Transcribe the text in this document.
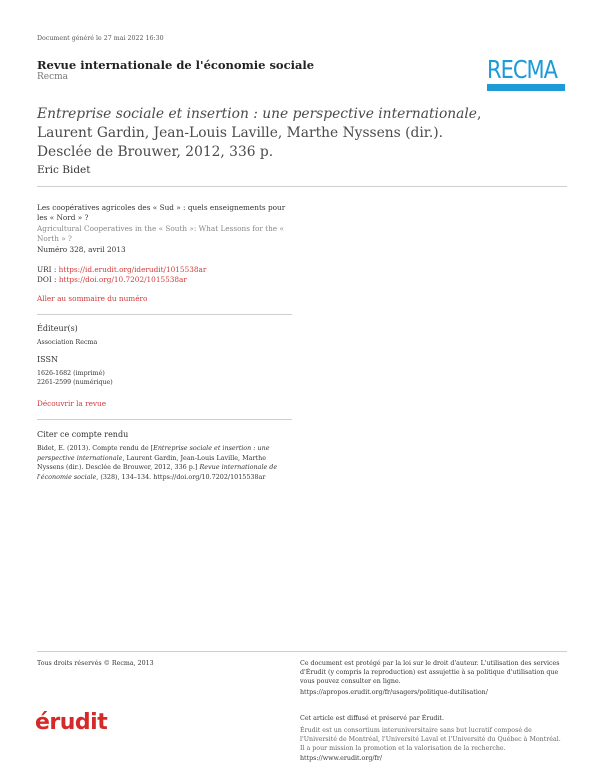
Document généré le 27 mai 2022 16:30
Revue internationale de l'économie sociale
Recma	RECMA
Entreprise sociale et insertion : une perspective internationale, Laurent Gardin, Jean-Louis Laville, Marthe Nyssens (dir.). Desclée de Brouwer, 2012, 336 p.
Eric Bidet
Les coopératives agricoles des « Sud » : quels enseignements pour les « Nord » ?
Agricultural Cooperatives in the « South »: What Lessons for the « North » ?
Numéro 328, avril 2013
URI : https://id.erudit.org/iderudit/1015538ar
DOI : https://doi.org/10.7202/1015538ar
Aller au sommaire du numéro
Éditeur(s)
Association Recma
ISSN
1626-1682 (imprimé)
2261-2599 (numérique)
Découvrir la revue
Citer ce compte rendu
Bidet, E. (2013). Compte rendu de [Entreprise sociale et insertion : une perspective internationale, Laurent Gardin, Jean-Louis Laville, Marthe Nyssens (dir.). Desclée de Brouwer, 2012, 336 p.] Revue internationale de l'économie sociale, (328), 134–134. https://doi.org/10.7202/1015538ar
Tous droits réservés © Recma, 2013	Ce document est protégé par la loi sur le droit d'auteur. L'utilisation des services d'Érudit (y compris la reproduction) est assujettie à sa politique d'utilisation que vous pouvez consulter en ligne.
https://apropos.erudit.org/fr/usagers/politique-dutilisation/
érudit	Cet article est diffusé et préservé par Érudit.
Érudit est un consortium interuniversitaire sans but lucratif composé de l'Université de Montréal, l'Université Laval et l'Université du Québec à Montréal. Il a pour mission la promotion et la valorisation de la recherche.
https://www.erudit.org/fr/
